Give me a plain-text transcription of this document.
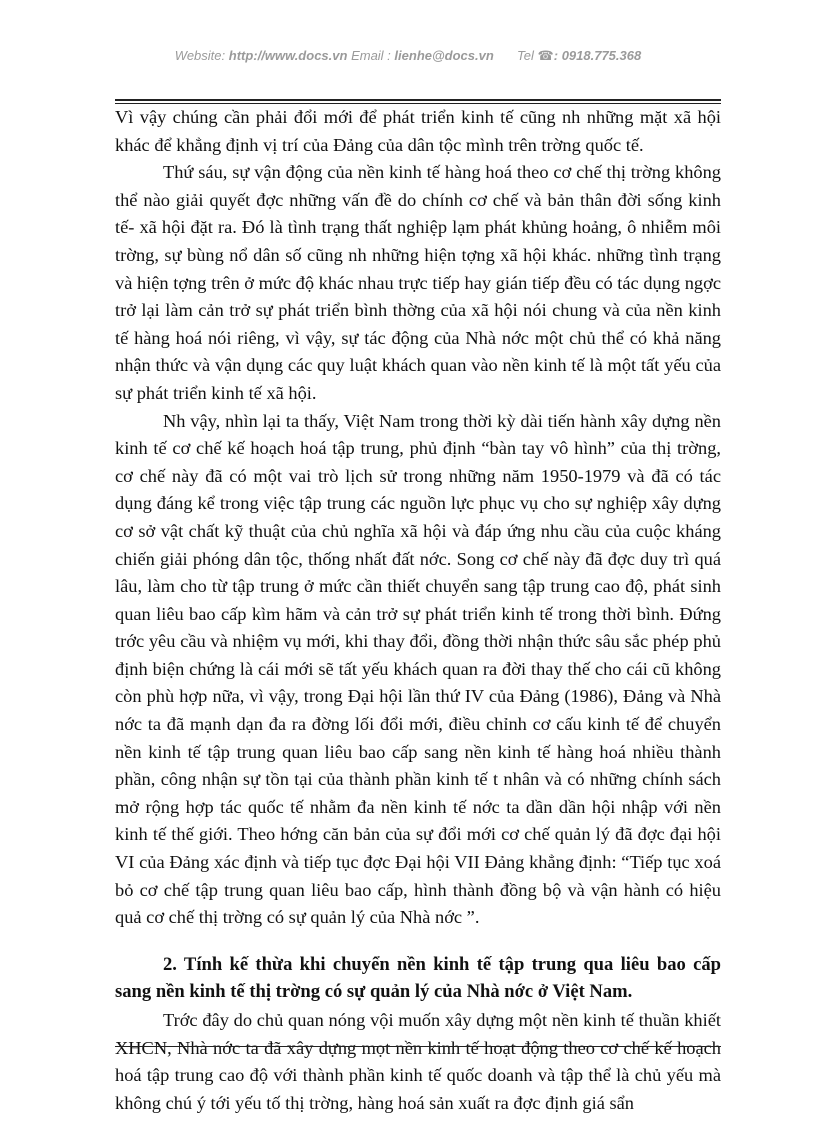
Website: http://www.docs.vn Email : lienhe@docs.vn Tel ☎: 0918.775.368

Vì vậy chúng cần phải đổi mới để phát triển kinh tế cũng nh những mặt xã hội khác để khẳng định vị trí của Đảng của dân tộc mình trên trờng quốc tế.

Thứ sáu, sự vận động của nền kinh tế hàng hoá theo cơ chế thị trờng không thể nào giải quyết đợc những vấn đề do chính cơ chế và bản thân đời sống kinh tế- xã hội đặt ra. Đó là tình trạng thất nghiệp lạm phát khủng hoảng, ô nhiễm môi trờng, sự bùng nổ dân số cũng nh những hiện tợng xã hội khác. những tình trạng và hiện tợng trên ở mức độ khác nhau trực tiếp hay gián tiếp đều có tác dụng ngợc trở lại làm cản trở sự phát triển bình thờng của xã hội nói chung và của nền kinh tế hàng hoá nói riêng, vì vậy, sự tác động của Nhà nớc một chủ thể có khả năng nhận thức và vận dụng các quy luật khách quan vào nền kinh tế là một tất yếu của sự phát triển kinh tế xã hội.

Nh vậy, nhìn lại ta thấy, Việt Nam trong thời kỳ dài tiến hành xây dựng nền kinh tế cơ chế kế hoạch hoá tập trung, phủ định “bàn tay vô hình” của thị trờng, cơ chế này đã có một vai trò lịch sử trong những năm 1950-1979 và đã có tác dụng đáng kể trong việc tập trung các nguồn lực phục vụ cho sự nghiệp xây dựng cơ sở vật chất kỹ thuật của chủ nghĩa xã hội và đáp ứng nhu cầu của cuộc kháng chiến giải phóng dân tộc, thống nhất đất nớc. Song cơ chế này đã đợc duy trì quá lâu, làm cho từ tập trung ở mức cần thiết chuyển sang tập trung cao độ, phát sinh quan liêu bao cấp kìm hãm và cản trở sự phát triển kinh tế trong thời bình. Đứng trớc yêu cầu và nhiệm vụ mới, khi thay đổi, đồng thời nhận thức sâu sắc phép phủ định biện chứng là cái mới sẽ tất yếu khách quan ra đời thay thế cho cái cũ không còn phù hợp nữa, vì vậy, trong Đại hội lần thứ IV của Đảng (1986), Đảng và Nhà nớc ta đã mạnh dạn đa ra đờng lối đổi mới, điều chỉnh cơ cấu kinh tế để chuyển nền kinh tế tập trung quan liêu bao cấp sang nền kinh tế hàng hoá nhiều thành phần, công nhận sự tồn tại của thành phần kinh tế t nhân và có những chính sách mở rộng hợp tác quốc tế nhằm đa nền kinh tế nớc ta dần dần hội nhập với nền kinh tế thế giới. Theo hớng căn bản của sự đổi mới cơ chế quản lý đã đợc đại hội VI của Đảng xác định và tiếp tục đợc Đại hội VII Đảng khẳng định: “Tiếp tục xoá bỏ cơ chế tập trung quan liêu bao cấp, hình thành đồng bộ và vận hành có hiệu quả cơ chế thị trờng có sự quản lý của Nhà nớc ”.

2. Tính kế thừa khi chuyển nền kinh tế tập trung qua liêu bao cấp sang nền kinh tế thị trờng có sự quản lý của Nhà nớc ở Việt Nam.

Trớc đây do chủ quan nóng vội muốn xây dựng một nền kinh tế thuần khiết XHCN, Nhà nớc ta đã xây dựng mọt nền kinh tế hoạt động theo cơ chế kế hoạch hoá tập trung cao độ với thành phần kinh tế quốc doanh và tập thể là chủ yếu mà không chú ý tới yếu tố thị trờng, hàng hoá sản xuất ra đợc định giá sẩn
